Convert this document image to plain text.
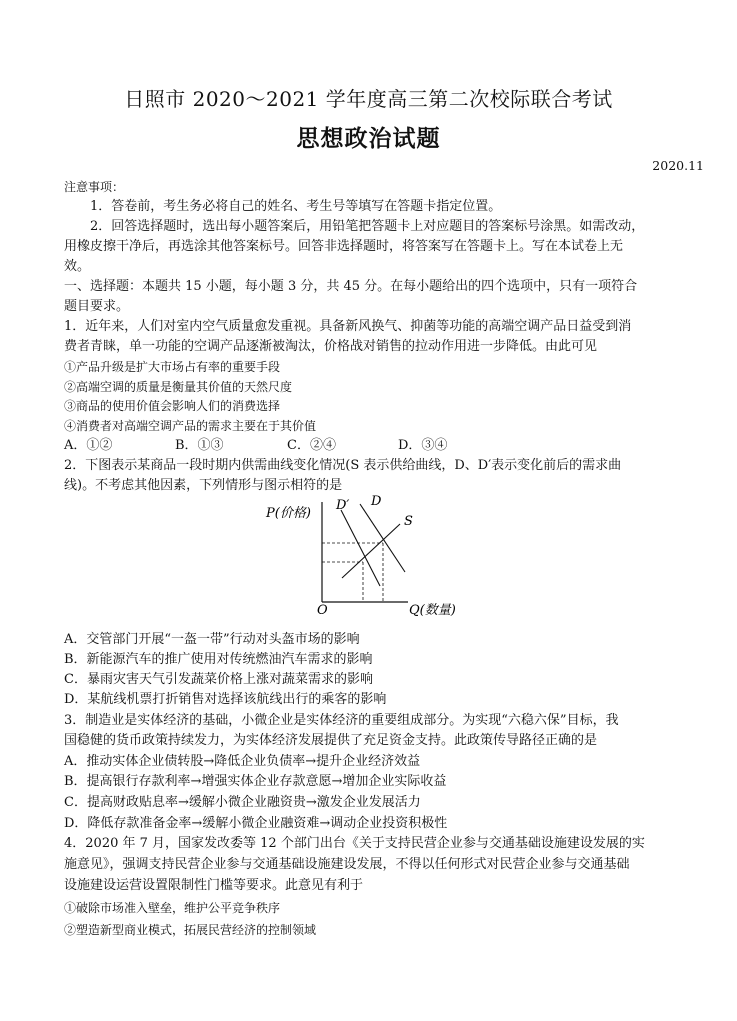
日照市 2020～2021 学年度高三第二次校际联合考试
思想政治试题
2020.11
注意事项：
1．答卷前，考生务必将自己的姓名、考生号等填写在答题卡指定位置。
2．回答选择题时，选出每小题答案后，用铅笔把答题卡上对应题目的答案标号涂黑。如需改动，
用橡皮擦干净后，再选涂其他答案标号。回答非选择题时，将答案写在答题卡上。写在本试卷上无
效。
一、选择题：本题共 15 小题，每小题 3 分，共 45 分。在每小题给出的四个选项中，只有一项符合
题目要求。
1．近年来，人们对室内空气质量愈发重视。具备新风换气、抑菌等功能的高端空调产品日益受到消
费者青睐，单一功能的空调产品逐渐被淘汰，价格战对销售的拉动作用进一步降低。由此可见
①产品升级是扩大市场占有率的重要手段
②高端空调的质量是衡量其价值的天然尺度
③商品的使用价值会影响人们的消费选择
④消费者对高端空调产品的需求主要在于其价值
A．①②	B．①③	C．②④	D．③④
2．下图表示某商品一段时期内供需曲线变化情况(S 表示供给曲线，D、D′表示变化前后的需求曲
线)。不考虑其他因素，下列情形与图示相符的是
P(价格)
Q(数量)
O
D′ D
S
A．交管部门开展“一盔一带”行动对头盔市场的影响
B．新能源汽车的推广使用对传统燃油汽车需求的影响
C．暴雨灾害天气引发蔬菜价格上涨对蔬菜需求的影响
D．某航线机票打折销售对选择该航线出行的乘客的影响
3．制造业是实体经济的基础，小微企业是实体经济的重要组成部分。为实现“六稳六保”目标，我
国稳健的货币政策持续发力，为实体经济发展提供了充足资金支持。此政策传导路径正确的是
A．推动实体企业债转股→降低企业负债率→提升企业经济效益
B．提高银行存款利率→增强实体企业存款意愿→增加企业实际收益
C．提高财政贴息率→缓解小微企业融资贵→激发企业发展活力
D．降低存款准备金率→缓解小微企业融资难→调动企业投资积极性
4．2020 年 7 月，国家发改委等 12 个部门出台《关于支持民营企业参与交通基础设施建设发展的实
施意见》，强调支持民营企业参与交通基础设施建设发展，不得以任何形式对民营企业参与交通基础
设施建设运营设置限制性门槛等要求。此意见有利于
①破除市场准入壁垒，维护公平竞争秩序
②塑造新型商业模式，拓展民营经济的控制领域
